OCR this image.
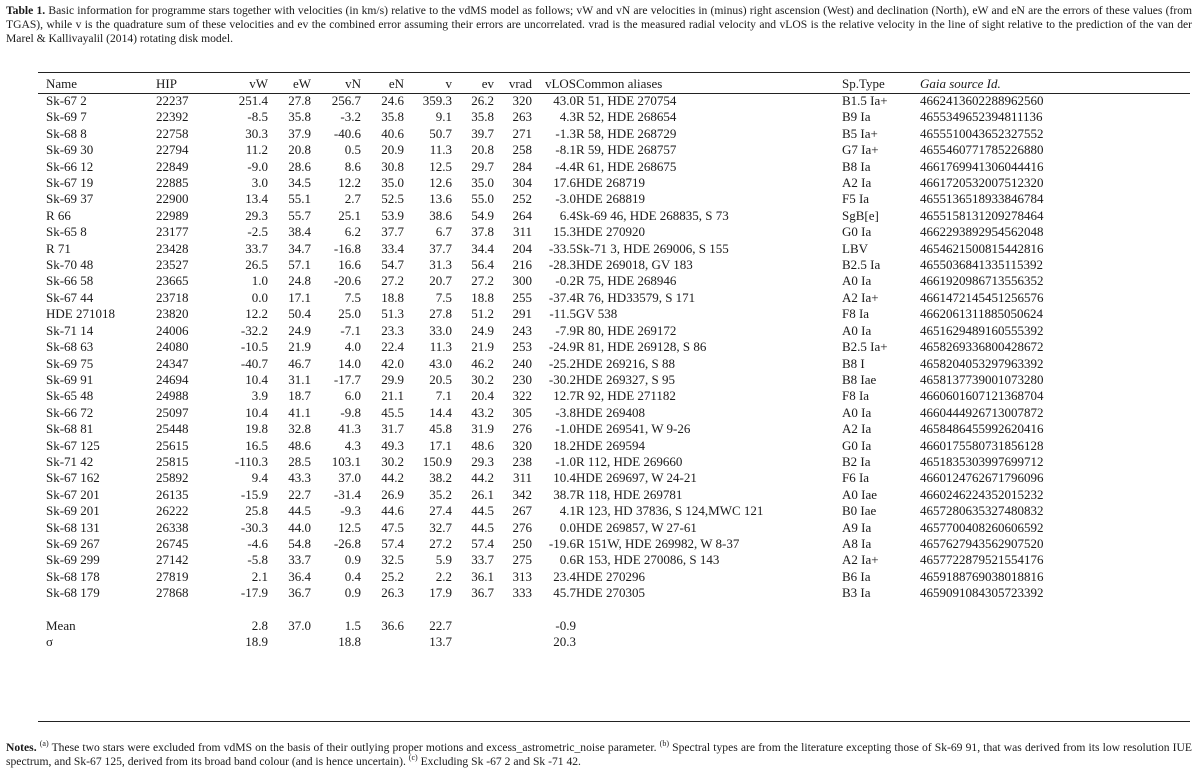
Table 1. Basic information for programme stars together with velocities (in km/s) relative to the vdMS model as follows; vW and vN are velocities in (minus) right ascension (West) and declination (North), eW and eN are the errors of these values (from TGAS), while v is the quadrature sum of these velocities and ev the combined error assuming their errors are uncorrelated. vrad is the measured radial velocity and vLOS is the relative velocity in the line of sight relative to the prediction of the van der Marel & Kallivayalil (2014) rotating disk model.
Name	HIP	vW	eW	vN	eN	v	ev	vrad	vLOS	Common aliases	Sp.Type	Gaia source Id.
Sk-67 2	22237	251.4	27.8	256.7	24.6	359.3	26.2	320	43.0	R 51, HDE 270754	B1.5 Ia+	4662413602288962560
Sk-69 7	22392	-8.5	35.8	-3.2	35.8	9.1	35.8	263	4.3	R 52, HDE 268654	B9 Ia	4655349652394811136
Sk-68 8	22758	30.3	37.9	-40.6	40.6	50.7	39.7	271	-1.3	R 58, HDE 268729	B5 Ia+	4655510043652327552
Sk-69 30	22794	11.2	20.8	0.5	20.9	11.3	20.8	258	-8.1	R 59, HDE 268757	G7 Ia+	4655460771785226880
Sk-66 12	22849	-9.0	28.6	8.6	30.8	12.5	29.7	284	-4.4	R 61, HDE 268675	B8 Ia	4661769941306044416
Sk-67 19	22885	3.0	34.5	12.2	35.0	12.6	35.0	304	17.6	HDE 268719	A2 Ia	4661720532007512320
Sk-69 37	22900	13.4	55.1	2.7	52.5	13.6	55.0	252	-3.0	HDE 268819	F5 Ia	4655136518933846784
R 66	22989	29.3	55.7	25.1	53.9	38.6	54.9	264	6.4	Sk-69 46, HDE 268835, S 73	SgB[e]	4655158131209278464
Sk-65 8	23177	-2.5	38.4	6.2	37.7	6.7	37.8	311	15.3	HDE 270920	G0 Ia	4662293892954562048
R 71	23428	33.7	34.7	-16.8	33.4	37.7	34.4	204	-33.5	Sk-71 3, HDE 269006, S 155	LBV	4654621500815442816
Sk-70 48	23527	26.5	57.1	16.6	54.7	31.3	56.4	216	-28.3	HDE 269018, GV 183	B2.5 Ia	4655036841335115392
Sk-66 58	23665	1.0	24.8	-20.6	27.2	20.7	27.2	300	-0.2	R 75, HDE 268946	A0 Ia	4661920986713556352
Sk-67 44	23718	0.0	17.1	7.5	18.8	7.5	18.8	255	-37.4	R 76, HD33579, S 171	A2 Ia+	4661472145451256576
HDE 271018	23820	12.2	50.4	25.0	51.3	27.8	51.2	291	-11.5	GV 538	F8 Ia	4662061311885050624
Sk-71 14	24006	-32.2	24.9	-7.1	23.3	33.0	24.9	243	-7.9	R 80, HDE 269172	A0 Ia	4651629489160555392
Sk-68 63	24080	-10.5	21.9	4.0	22.4	11.3	21.9	253	-24.9	R 81, HDE 269128, S 86	B2.5 Ia+	4658269336800428672
Sk-69 75	24347	-40.7	46.7	14.0	42.0	43.0	46.2	240	-25.2	HDE 269216, S 88	B8 I	4658204053297963392
Sk-69 91	24694	10.4	31.1	-17.7	29.9	20.5	30.2	230	-30.2	HDE 269327, S 95	B8 Iae	4658137739001073280
Sk-65 48	24988	3.9	18.7	6.0	21.1	7.1	20.4	322	12.7	R 92, HDE 271182	F8 Ia	4660601607121368704
Sk-66 72	25097	10.4	41.1	-9.8	45.5	14.4	43.2	305	-3.8	HDE 269408	A0 Ia	4660444926713007872
Sk-68 81	25448	19.8	32.8	41.3	31.7	45.8	31.9	276	-1.0	HDE 269541, W 9-26	A2 Ia	4658486455992620416
Sk-67 125	25615	16.5	48.6	4.3	49.3	17.1	48.6	320	18.2	HDE 269594	G0 Ia	4660175580731856128
Sk-71 42	25815	-110.3	28.5	103.1	30.2	150.9	29.3	238	-1.0	R 112, HDE 269660	B2 Ia	4651835303997699712
Sk-67 162	25892	9.4	43.3	37.0	44.2	38.2	44.2	311	10.4	HDE 269697, W 24-21	F6 Ia	4660124762671796096
Sk-67 201	26135	-15.9	22.7	-31.4	26.9	35.2	26.1	342	38.7	R 118, HDE 269781	A0 Iae	4660246224352015232
Sk-69 201	26222	25.8	44.5	-9.3	44.6	27.4	44.5	267	4.1	R 123, HD 37836, S 124,MWC 121	B0 Iae	4657280635327480832
Sk-68 131	26338	-30.3	44.0	12.5	47.5	32.7	44.5	276	0.0	HDE 269857, W 27-61	A9 Ia	4657700408260606592
Sk-69 267	26745	-4.6	54.8	-26.8	57.4	27.2	57.4	250	-19.6	R 151W, HDE 269982, W 8-37	A8 Ia	4657627943562907520
Sk-69 299	27142	-5.8	33.7	0.9	32.5	5.9	33.7	275	0.6	R 153, HDE 270086, S 143	A2 Ia+	4657722879521554176
Sk-68 178	27819	2.1	36.4	0.4	25.2	2.2	36.1	313	23.4	HDE 270296	B6 Ia	4659188769038018816
Sk-68 179	27868	-17.9	36.7	0.9	26.3	17.9	36.7	333	45.7	HDE 270305	B3 Ia	4659091084305723392

Mean		2.8	37.0	1.5	36.6	22.7			-0.9			
σ		18.9		18.8		13.7			20.3			
Notes. $^{(a)}$ These two stars were excluded from vdMS on the basis of their outlying proper motions and excess_astrometric_noise parameter. $^{(b)}$ Spectral types are from the literature excepting those of Sk-69 91, that was derived from its low resolution IUE spectrum, and Sk-67 125, derived from its broad band colour (and is hence uncertain). $^{(c)}$ Excluding Sk -67 2 and Sk -71 42.
